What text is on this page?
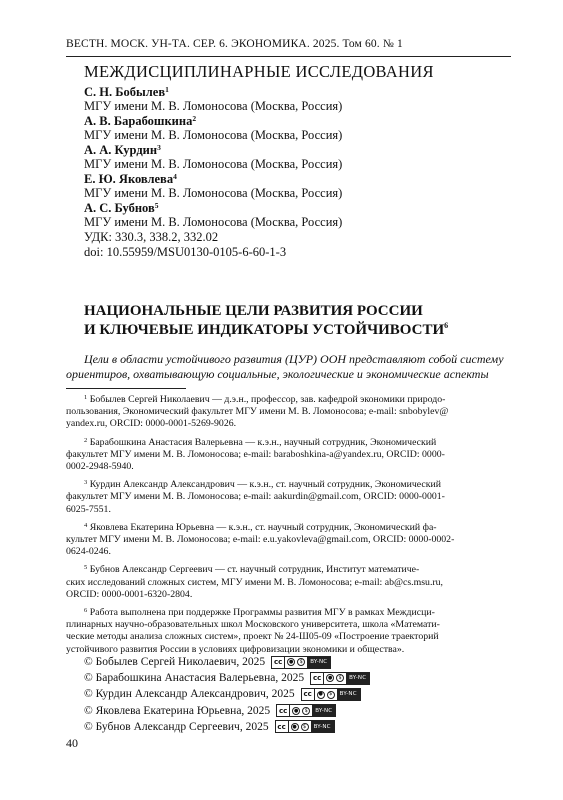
ВЕСТН. МОСК. УН-ТА. СЕР. 6. ЭКОНОМИКА. 2025. Том 60. № 1
МЕЖДИСЦИПЛИНАРНЫЕ ИССЛЕДОВАНИЯ
С. Н. Бобылев$^1$
МГУ имени М. В. Ломоносова (Москва, Россия)
А. В. Барабошкина$^2$
МГУ имени М. В. Ломоносова (Москва, Россия)
А. А. Курдин$^3$
МГУ имени М. В. Ломоносова (Москва, Россия)
Е. Ю. Яковлева$^4$
МГУ имени М. В. Ломоносова (Москва, Россия)
А. С. Бубнов$^5$
МГУ имени М. В. Ломоносова (Москва, Россия)
УДК: 330.3, 338.2, 332.02
doi: 10.55959/MSU0130-0105-6-60-1-3
НАЦИОНАЛЬНЫЕ ЦЕЛИ РАЗВИТИЯ РОССИИ
И КЛЮЧЕВЫЕ ИНДИКАТОРЫ УСТОЙЧИВОСТИ$^6$
Цели в области устойчивого развития (ЦУР) ООН представляют собой систему
ориентиров, охватывающую социальные, экологические и экономические аспекты
$^1$ Бобылев Сергей Николаевич — д.э.н., профессор, зав. кафедрой экономики природо-
пользования, Экономический факультет МГУ имени М. В. Ломоносова; e-mail: snbobylev@
yandex.ru, ORCID: 0000-0001-5269-9026.
$^2$ Барабошкина Анастасия Валерьевна — к.э.н., научный сотрудник, Экономический
факультет МГУ имени М. В. Ломоносова; e-mail: baraboshkina-a@yandex.ru, ORCID: 0000-
0002-2948-5940.
$^3$ Курдин Александр Александрович — к.э.н., ст. научный сотрудник, Экономический
факультет МГУ имени М. В. Ломоносова; e-mail: aakurdin@gmail.com, ORCID: 0000-0001-
6025-7551.
$^4$ Яковлева Екатерина Юрьевна — к.э.н., ст. научный сотрудник, Экономический фа-
культет МГУ имени М. В. Ломоносова; e-mail: e.u.yakovleva@gmail.com, ORCID: 0000-0002-
0624-0246.
$^5$ Бубнов Александр Сергеевич — ст. научный сотрудник, Институт математиче-
ских исследований сложных систем, МГУ имени М. В. Ломоносова; e-mail: ab@cs.msu.ru,
ORCID: 0000-0001-6320-2804.
$^6$ Работа выполнена при поддержке Программы развития МГУ в рамках Междисци-
плинарных научно-образовательных школ Московского университета, школа «Математи-
ческие методы анализа сложных систем», проект № 24-Ш05-09 «Построение траекторий
устойчивого развития России в условиях цифровизации экономики и общества».
© Бобылев Сергей Николаевич, 2025 cc	●	$	BY-NC
© Барабошкина Анастасия Валерьевна, 2025 cc	●	$	BY-NC
© Курдин Александр Александрович, 2025 cc	●	$	BY-NC
© Яковлева Екатерина Юрьевна, 2025 cc	●	$	BY-NC
© Бубнов Александр Сергеевич, 2025 cc	●	$	BY-NC
40
